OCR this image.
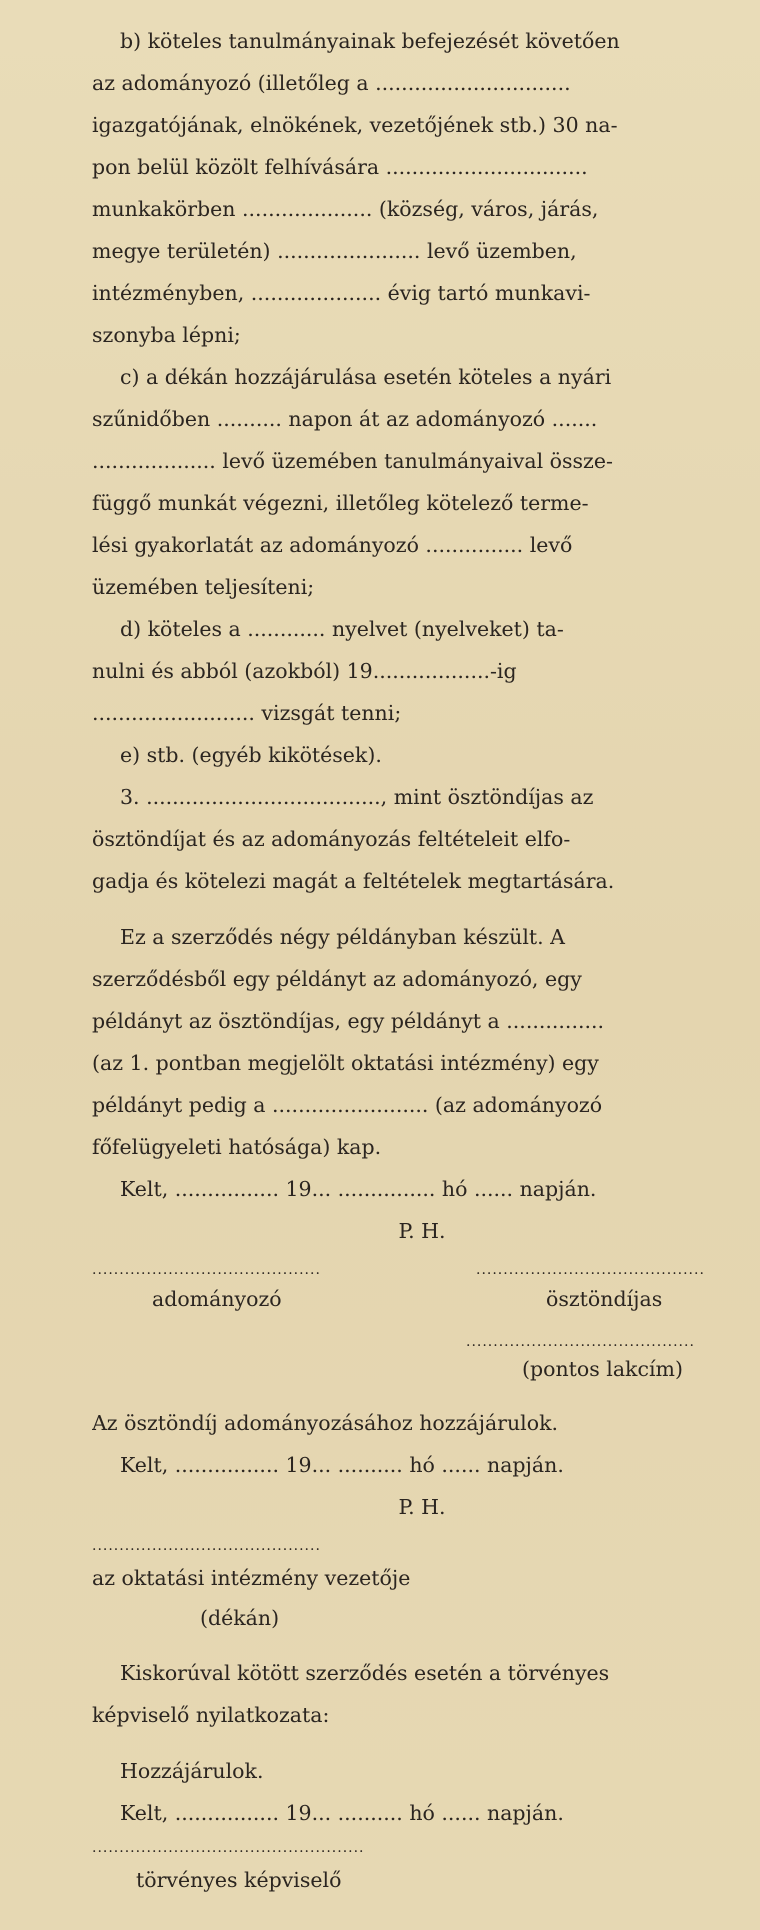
b) köteles tanulmányainak befejezését követően
az adományozó (illetőleg a ..............................
igazgatójának, elnökének, vezetőjének stb.) 30 na-
pon belül közölt felhívására ...............................
munkakörben .................... (község, város, járás,
megye területén) ...................... levő üzemben,
intézményben, .................... évig tartó munkavi-
szonyba lépni;
c) a dékán hozzájárulása esetén köteles a nyári
szűnidőben .......... napon át az adományozó .......
................... levő üzemében tanulmányaival össze-
függő munkát végezni, illetőleg kötelező terme-
lési gyakorlatát az adományozó ............... levő
üzemében teljesíteni;
d) köteles a ............ nyelvet (nyelveket) ta-
nulni és abból (azokból) 19..................-ig
......................... vizsgát tenni;
e) stb. (egyéb kikötések).
3. ...................................., mint ösztöndíjas az
ösztöndíjat és az adományozás feltételeit elfo-
gadja és kötelezi magát a feltételek megtartására.
Ez a szerződés négy példányban készült. A
szerződésből egy példányt az adományozó, egy
példányt az ösztöndíjas, egy példányt a ...............
(az 1. pontban megjelölt oktatási intézmény) egy
példányt pedig a ........................ (az adományozó
főfelügyeleti hatósága) kap.
Kelt, ................ 19... ............... hó ...... napján.
P. H.
..........................................	..........................................
adományozó	ösztöndíjas
..........................................
(pontos lakcím)
Az ösztöndíj adományozásához hozzájárulok.
Kelt, ................ 19... .......... hó ...... napján.
P. H.
..........................................
az oktatási intézmény vezetője
(dékán)
Kiskorúval kötött szerződés esetén a törvényes
képviselő nyilatkozata:
Hozzájárulok.
Kelt, ................ 19... .......... hó ...... napján.
..................................................
törvényes képviselő
